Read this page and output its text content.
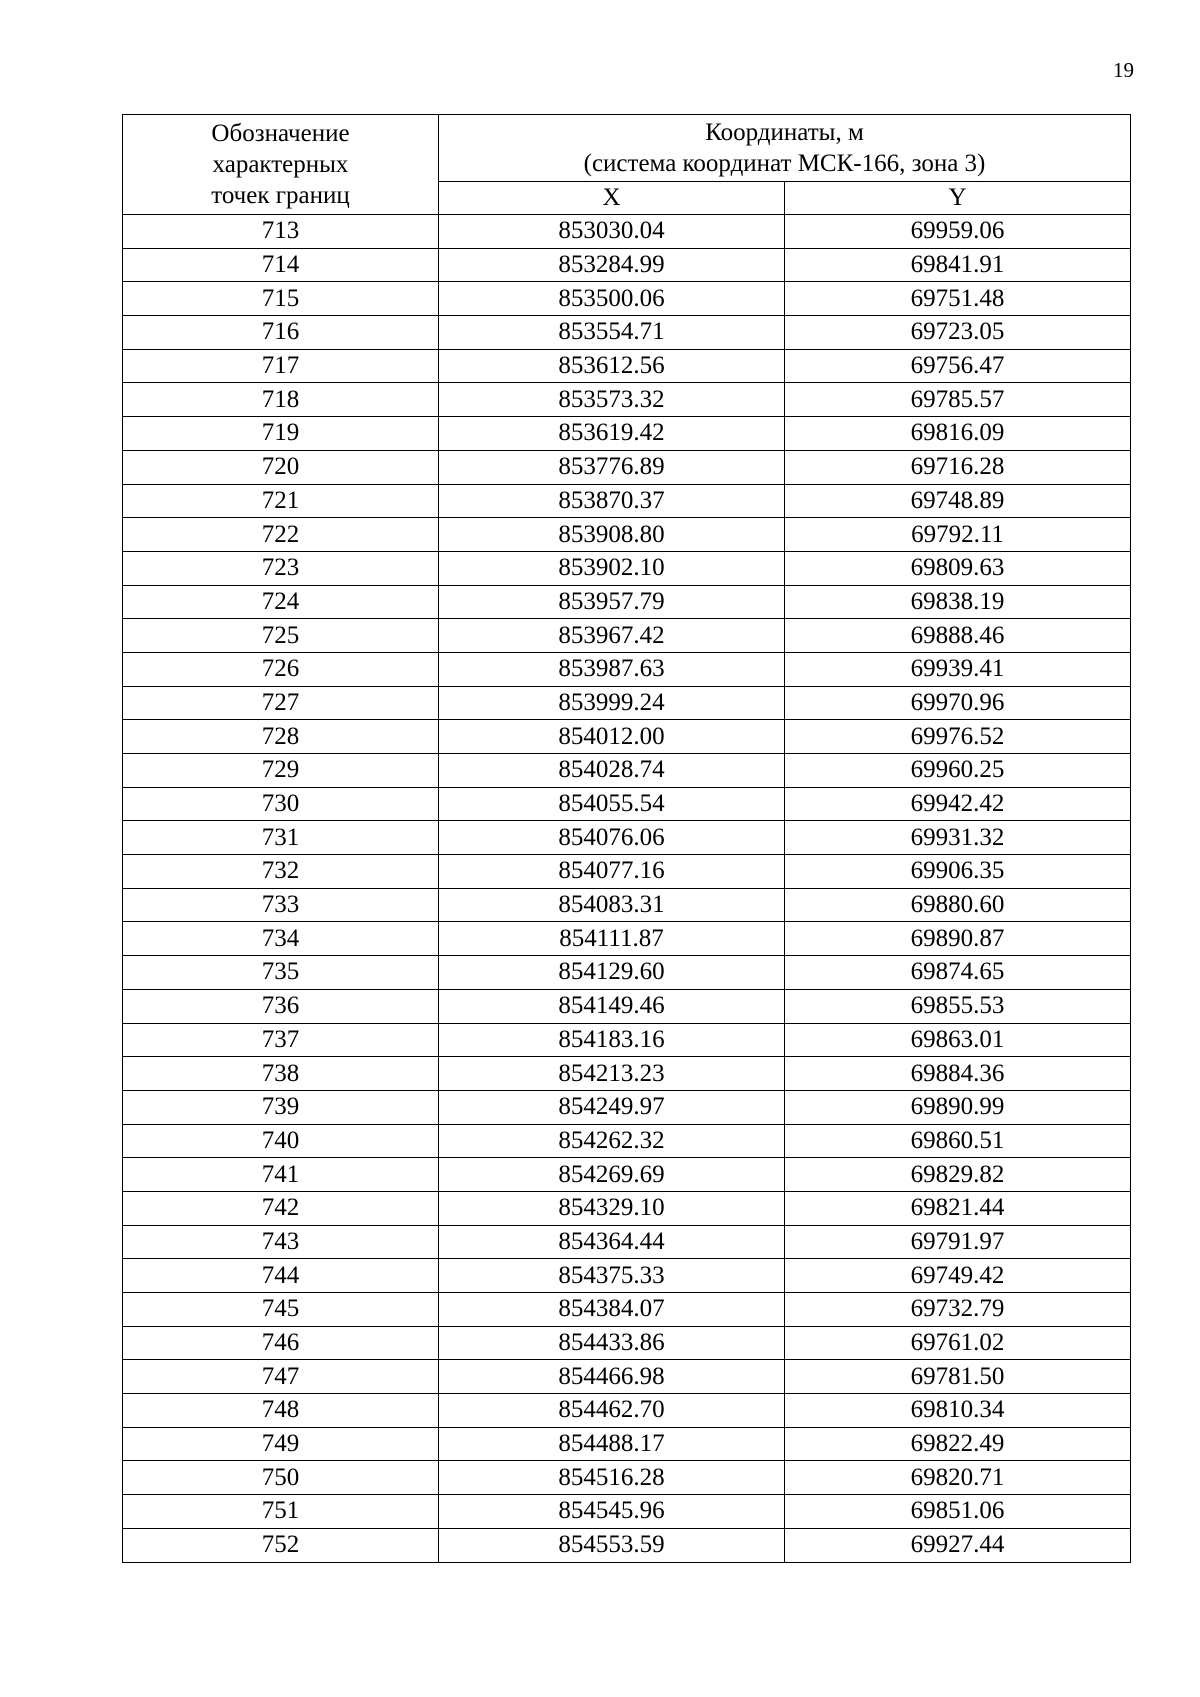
19
Обозначение
характерных
точек границ	Координаты, м
(система координат МСК-166, зона 3)	

	X	Y
713	853030.04	69959.06
714	853284.99	69841.91
715	853500.06	69751.48
716	853554.71	69723.05
717	853612.56	69756.47
718	853573.32	69785.57
719	853619.42	69816.09
720	853776.89	69716.28
721	853870.37	69748.89
722	853908.80	69792.11
723	853902.10	69809.63
724	853957.79	69838.19
725	853967.42	69888.46
726	853987.63	69939.41
727	853999.24	69970.96
728	854012.00	69976.52
729	854028.74	69960.25
730	854055.54	69942.42
731	854076.06	69931.32
732	854077.16	69906.35
733	854083.31	69880.60
734	854111.87	69890.87
735	854129.60	69874.65
736	854149.46	69855.53
737	854183.16	69863.01
738	854213.23	69884.36
739	854249.97	69890.99
740	854262.32	69860.51
741	854269.69	69829.82
742	854329.10	69821.44
743	854364.44	69791.97
744	854375.33	69749.42
745	854384.07	69732.79
746	854433.86	69761.02
747	854466.98	69781.50
748	854462.70	69810.34
749	854488.17	69822.49
750	854516.28	69820.71
751	854545.96	69851.06
752	854553.59	69927.44
